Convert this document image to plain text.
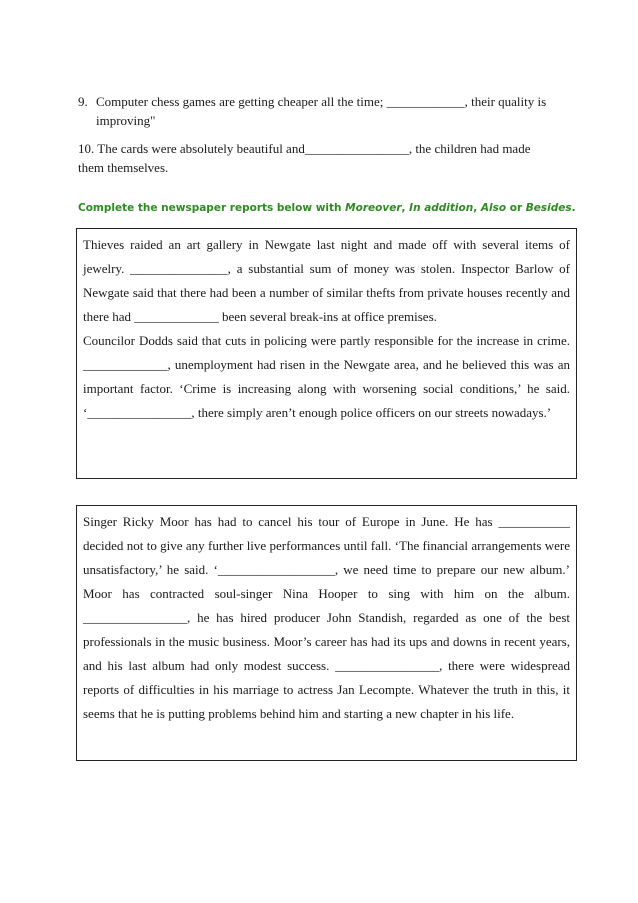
9. Computer chess games are getting cheaper all the time; ____________, their quality is improving"
10. The cards were absolutely beautiful and________________, the children had made them themselves.
Complete the newspaper reports below with Moreover, In addition, Also or Besides.

Thieves raided an art gallery in Newgate last night and made off with several items of jewelry. _______________, a substantial sum of money was stolen. Inspector Barlow of Newgate said that there had been a number of similar thefts from private houses recently and there had _____________ been several break-ins at office premises.

Councilor Dodds said that cuts in policing were partly responsible for the increase in crime. _____________, unemployment had risen in the Newgate area, and he believed this was an important factor. ‘Crime is increasing along with worsening social conditions,’ he said. ‘________________, there simply aren’t enough police officers on our streets nowadays.’

Singer Ricky Moor has had to cancel his tour of Europe in June. He has ___________ decided not to give any further live performances until fall. ‘The financial arrangements were unsatisfactory,’ he said. ‘__________________, we need time to prepare our new album.’ Moor has contracted soul-singer Nina Hooper to sing with him on the album. ________________, he has hired producer John Standish, regarded as one of the best professionals in the music business. Moor’s career has had its ups and downs in recent years, and his last album had only modest success. ________________, there were widespread reports of difficulties in his marriage to actress Jan Lecompte. Whatever the truth in this, it seems that he is putting problems behind him and starting a new chapter in his life.
